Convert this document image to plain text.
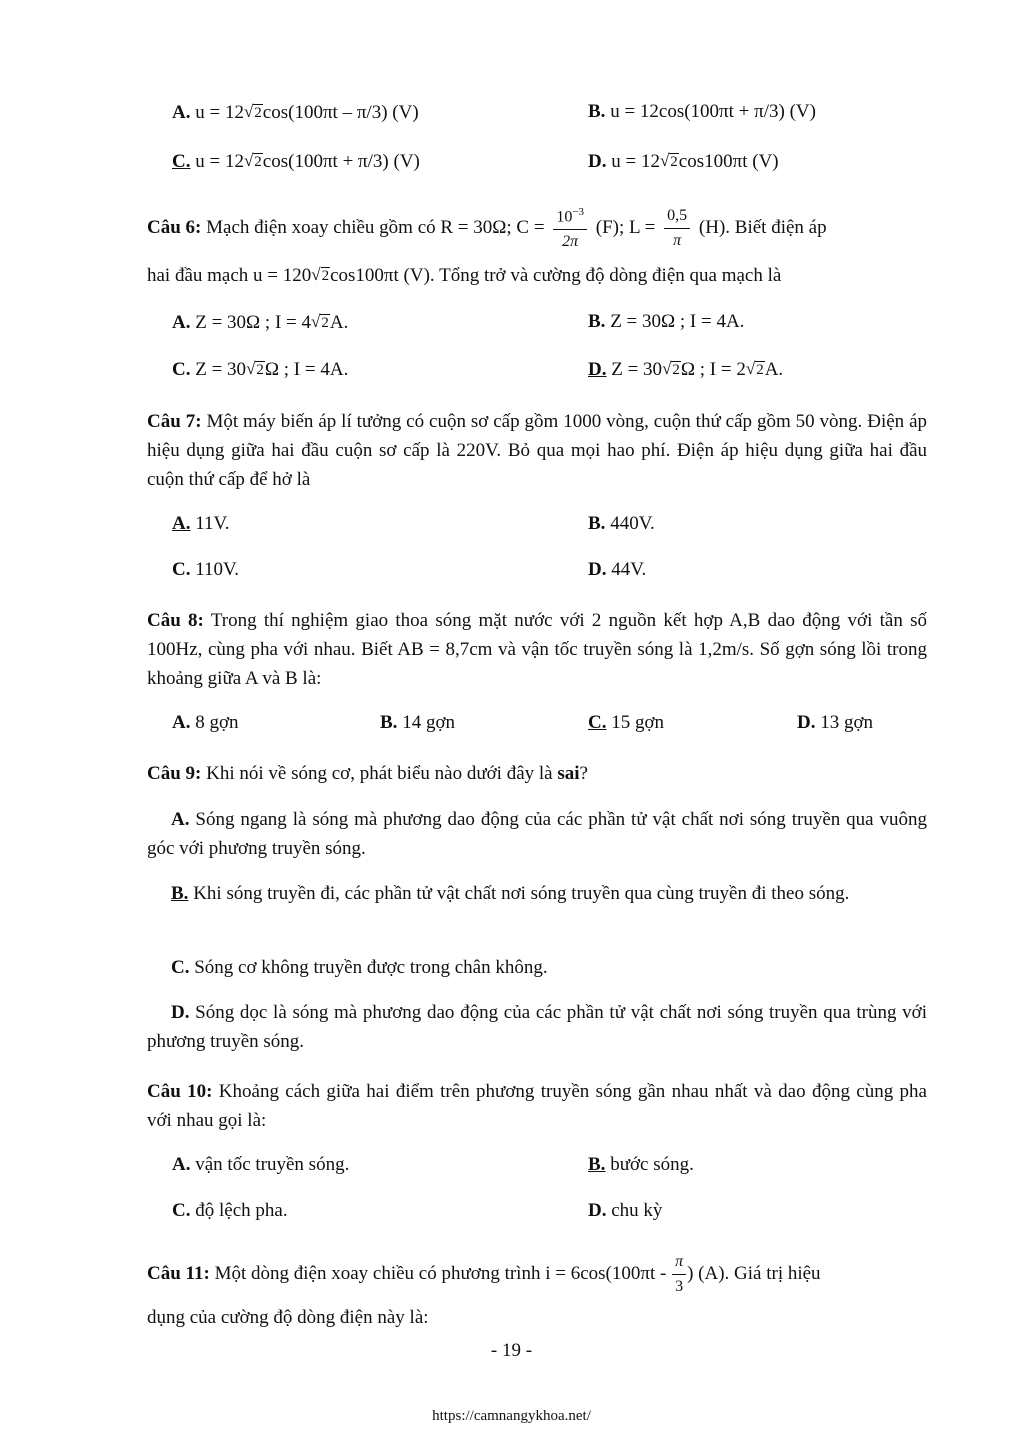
A. u = 12√2cos(100πt – π/3) (V)	B. u = 12cos(100πt + π/3) (V)
C. u = 12√2cos(100πt + π/3) (V)	D. u = 12√2cos100πt (V)
Câu 6: Mạch điện xoay chiều gồm có R = 30Ω; $C = \frac{10^{-3}}{2\pi} (F)$; $L = \frac{0,5}{\pi} (H)$. Biết điện áp
hai đầu mạch u = 120√2cos100πt (V). Tổng trở và cường độ dòng điện qua mạch là
A. Z = 30Ω ; I = 4√2A.	B. Z = 30Ω ; I = 4A.
C. Z = 30√2Ω ; I = 4A.	D. Z = 30√2Ω ; I = 2√2A.
Câu 7: Một máy biến áp lí tưởng có cuộn sơ cấp gồm 1000 vòng, cuộn thứ cấp gồm 50 vòng. Điện áp hiệu dụng giữa hai đầu cuộn sơ cấp là 220V. Bỏ qua mọi hao phí. Điện áp hiệu dụng giữa hai đầu cuộn thứ cấp để hở là
A. 11V.	B. 440V.
C. 110V.	D. 44V.
Câu 8: Trong thí nghiệm giao thoa sóng mặt nước với 2 nguồn kết hợp A,B dao động với tần số 100Hz, cùng pha với nhau. Biết AB = 8,7cm và vận tốc truyền sóng là 1,2m/s. Số gợn sóng lồi trong khoảng giữa A và B là:
A. 8 gợn	B. 14 gợn	C. 15 gợn	D. 13 gợn
Câu 9: Khi nói về sóng cơ, phát biểu nào dưới đây là sai?
A. Sóng ngang là sóng mà phương dao động của các phần tử vật chất nơi sóng truyền qua vuông góc với phương truyền sóng.
B. Khi sóng truyền đi, các phần tử vật chất nơi sóng truyền qua cùng truyền đi theo sóng.
C. Sóng cơ không truyền được trong chân không.
D. Sóng dọc là sóng mà phương dao động của các phần tử vật chất nơi sóng truyền qua trùng với phương truyền sóng.
Câu 10: Khoảng cách giữa hai điểm trên phương truyền sóng gần nhau nhất và dao động cùng pha với nhau gọi là:
A. vận tốc truyền sóng.	B. bước sóng.
C. độ lệch pha.	D. chu kỳ
Câu 11: Một dòng điện xoay chiều có phương trình $i = 6\cos(100\pi t - \frac{\pi}{3}$ ) (A). Giá trị hiệu
dụng của cường độ dòng điện này là:
- 19 -
https://camnangykhoa.net/
